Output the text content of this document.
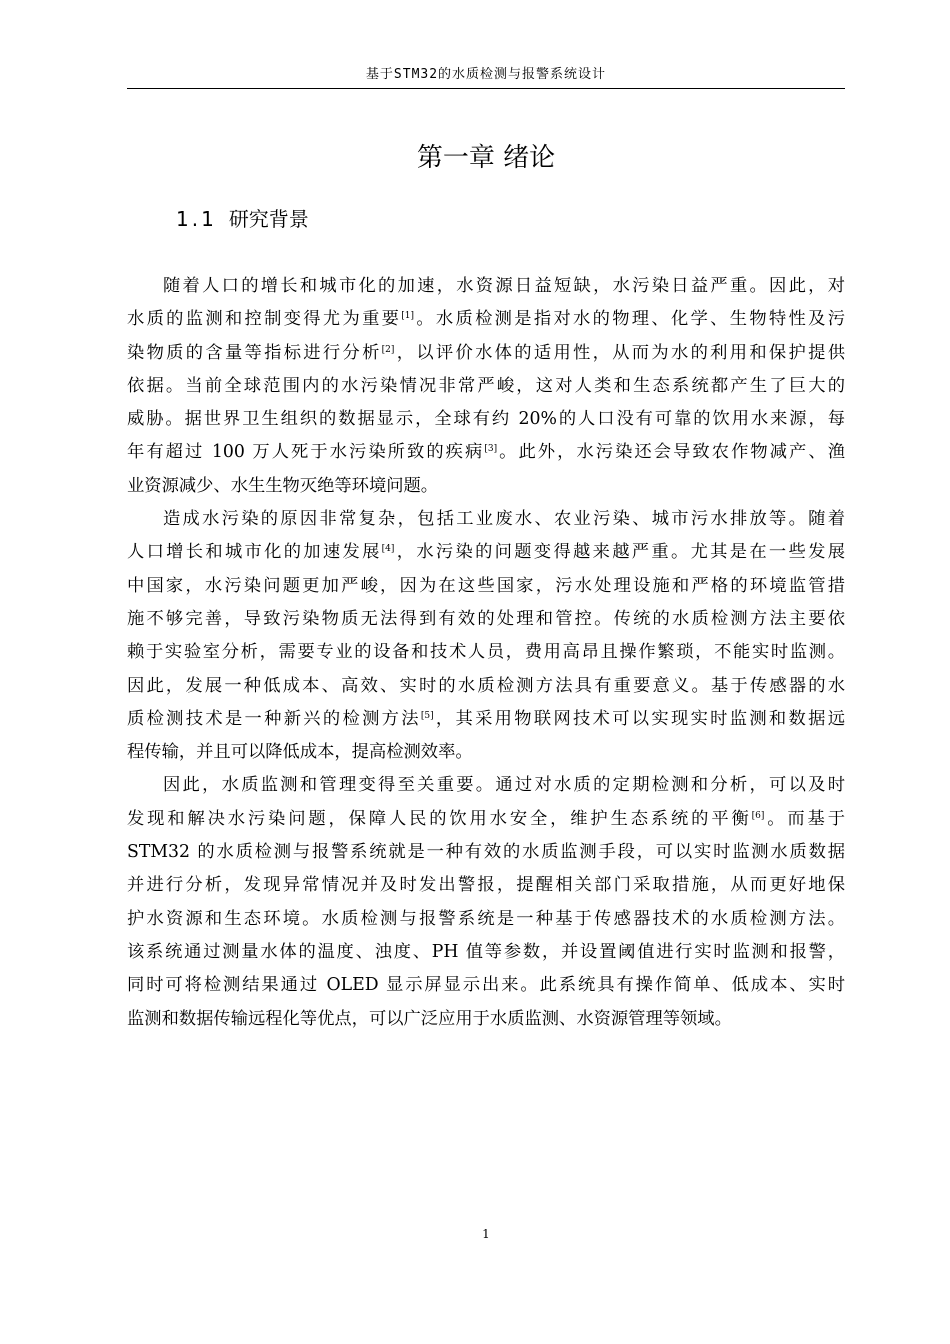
基于STM32的水质检测与报警系统设计
第一章 绪论
1.1 研究背景
随着人口的增长和城市化的加速，水资源日益短缺，水污染日益严重。因此，对
水质的监测和控制变得尤为重要[1]。水质检测是指对水的物理、化学、生物特性及污
染物质的含量等指标进行分析[2]，以评价水体的适用性，从而为水的利用和保护提供
依据。当前全球范围内的水污染情况非常严峻，这对人类和生态系统都产生了巨大的
威胁。据世界卫生组织的数据显示，全球有约 20%的人口没有可靠的饮用水来源，每
年有超过 100 万人死于水污染所致的疾病[3]。此外，水污染还会导致农作物减产、渔
业资源减少、水生生物灭绝等环境问题。
造成水污染的原因非常复杂，包括工业废水、农业污染、城市污水排放等。随着
人口增长和城市化的加速发展[4]，水污染的问题变得越来越严重。尤其是在一些发展
中国家，水污染问题更加严峻，因为在这些国家，污水处理设施和严格的环境监管措
施不够完善，导致污染物质无法得到有效的处理和管控。传统的水质检测方法主要依
赖于实验室分析，需要专业的设备和技术人员，费用高昂且操作繁琐，不能实时监测。
因此，发展一种低成本、高效、实时的水质检测方法具有重要意义。基于传感器的水
质检测技术是一种新兴的检测方法[5]，其采用物联网技术可以实现实时监测和数据远
程传输，并且可以降低成本，提高检测效率。
因此，水质监测和管理变得至关重要。通过对水质的定期检测和分析，可以及时
发现和解决水污染问题，保障人民的饮用水安全，维护生态系统的平衡[6]。而基于
STM32 的水质检测与报警系统就是一种有效的水质监测手段，可以实时监测水质数据
并进行分析，发现异常情况并及时发出警报，提醒相关部门采取措施，从而更好地保
护水资源和生态环境。水质检测与报警系统是一种基于传感器技术的水质检测方法。
该系统通过测量水体的温度、浊度、PH 值等参数，并设置阈值进行实时监测和报警，
同时可将检测结果通过 OLED 显示屏显示出来。此系统具有操作简单、低成本、实时
监测和数据传输远程化等优点，可以广泛应用于水质监测、水资源管理等领域。
1
